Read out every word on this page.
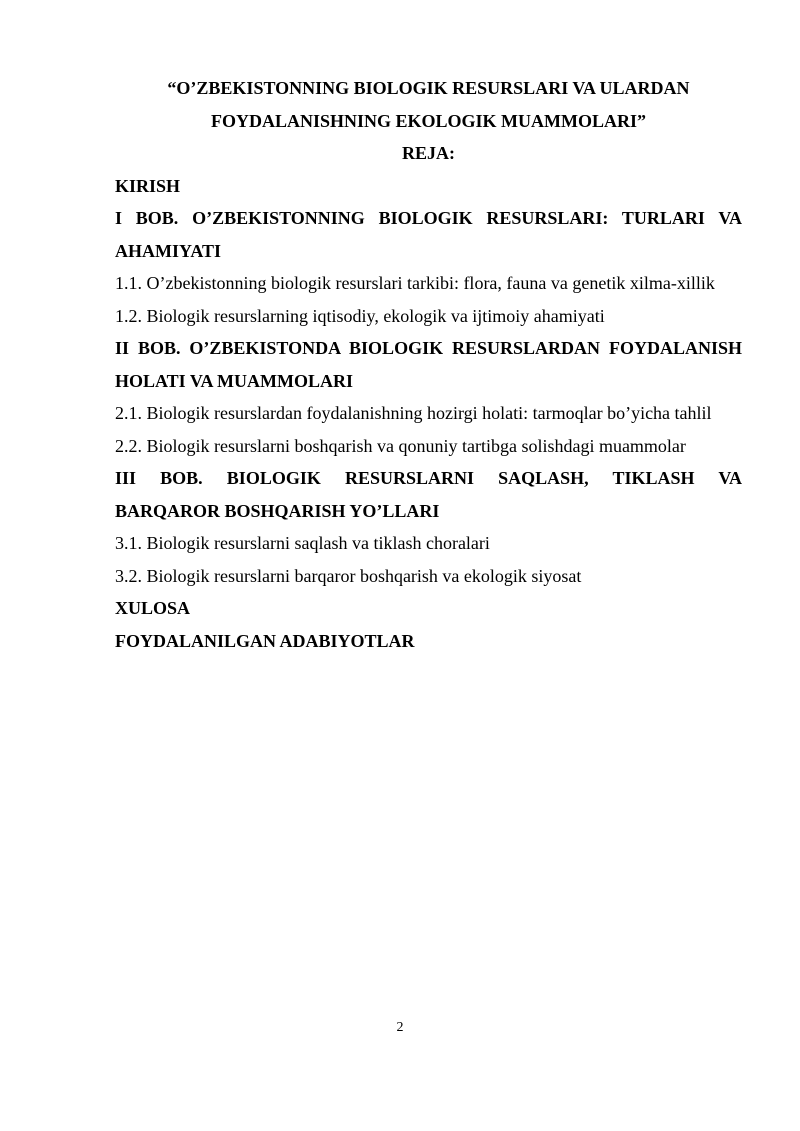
“O’ZBEKISTONNING BIOLOGIK RESURSLARI VA ULARDAN

FOYDALANISHNING EKOLOGIK MUAMMOLARI”

REJA:

KIRISH

I BOB. O’ZBEKISTONNING BIOLOGIK RESURSLARI: TURLARI VA

AHAMIYATI

1.1. O’zbekistonning biologik resurslari tarkibi: flora, fauna va genetik xilma-xillik

1.2. Biologik resurslarning iqtisodiy, ekologik va ijtimoiy ahamiyati

II BOB. O’ZBEKISTONDA BIOLOGIK RESURSLARDAN FOYDALANISH

HOLATI VA MUAMMOLARI

2.1. Biologik resurslardan foydalanishning hozirgi holati: tarmoqlar bo’yicha tahlil

2.2. Biologik resurslarni boshqarish va qonuniy tartibga solishdagi muammolar

III BOB. BIOLOGIK RESURSLARNI SAQLASH, TIKLASH VA

BARQAROR BOSHQARISH YO’LLARI

3.1. Biologik resurslarni saqlash va tiklash choralari

3.2. Biologik resurslarni barqaror boshqarish va ekologik siyosat

XULOSA

FOYDALANILGAN ADABIYOTLAR

2
